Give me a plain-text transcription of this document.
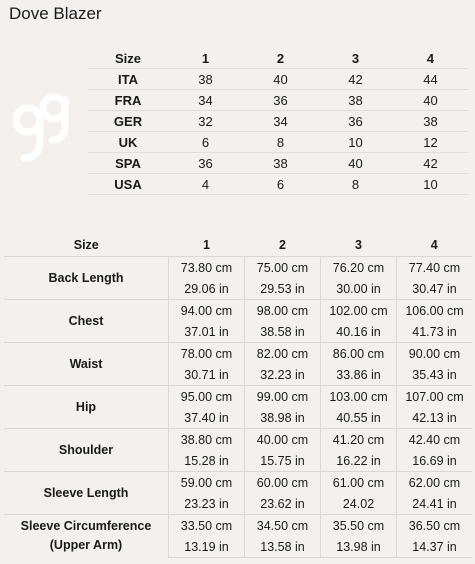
Dove Blazer
Size	1	2	3	4
ITA	38	40	42	44
FRA	34	36	38	40
GER	32	34	36	38
UK	6	8	10	12
SPA	36	38	40	42
USA	4	6	8	10
Size	1	2	3	4
Back Length	73.80 cm	75.00 cm	76.20 cm	77.40 cm
	29.06 in	29.53 in	30.00 in	30.47 in
Chest	94.00 cm	98.00 cm	102.00 cm	106.00 cm
	37.01 in	38.58 in	40.16 in	41.73 in
Waist	78.00 cm	82.00 cm	86.00 cm	90.00 cm
	30.71 in	32.23 in	33.86 in	35.43 in
Hip	95.00 cm	99.00 cm	103.00 cm	107.00 cm
	37.40 in	38.98 in	40.55 in	42.13 in
Shoulder	38.80 cm	40.00 cm	41.20 cm	42.40 cm
	15.28 in	15.75 in	16.22 in	16.69 in
Sleeve Length	59.00 cm	60.00 cm	61.00 cm	62.00 cm
	23.23 in	23.62 in	24.02	24.41 in

Sleeve Circumference (Upper Arm)	33.50 cm	34.50 cm	35.50 cm	36.50 cm
	13.19 in	13.58 in	13.98 in	14.37 in
